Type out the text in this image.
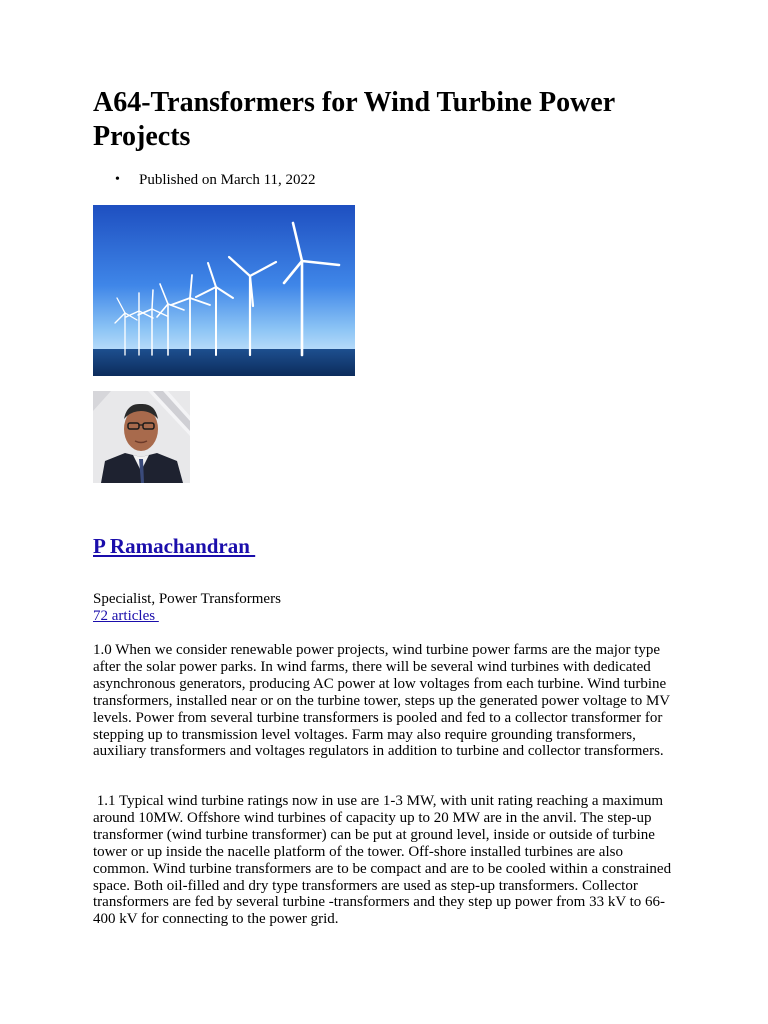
A64-Transformers for Wind Turbine Power Projects
• Published on March 11, 2022
P Ramachandran
Specialist, Power Transformers
72 articles

1.0 When we consider renewable power projects, wind turbine power farms are the major type after the solar power parks. In wind farms, there will be several wind turbines with dedicated asynchronous generators, producing AC power at low voltages from each turbine. Wind turbine transformers, installed near or on the turbine tower, steps up the generated power voltage to MV levels. Power from several turbine transformers is pooled and fed to a collector transformer for stepping up to transmission level voltages. Farm may also require grounding transformers, auxiliary transformers and voltages regulators in addition to turbine and collector transformers.

1.1 Typical wind turbine ratings now in use are 1-3 MW, with unit rating reaching a maximum around 10MW. Offshore wind turbines of capacity up to 20 MW are in the anvil. The step-up transformer (wind turbine transformer) can be put at ground level, inside or outside of turbine tower or up inside the nacelle platform of the tower. Off-shore installed turbines are also common. Wind turbine transformers are to be compact and are to be cooled within a constrained space. Both oil-filled and dry type transformers are used as step-up transformers. Collector transformers are fed by several turbine -transformers and they step up power from 33 kV to 66-400 kV for connecting to the power grid.
